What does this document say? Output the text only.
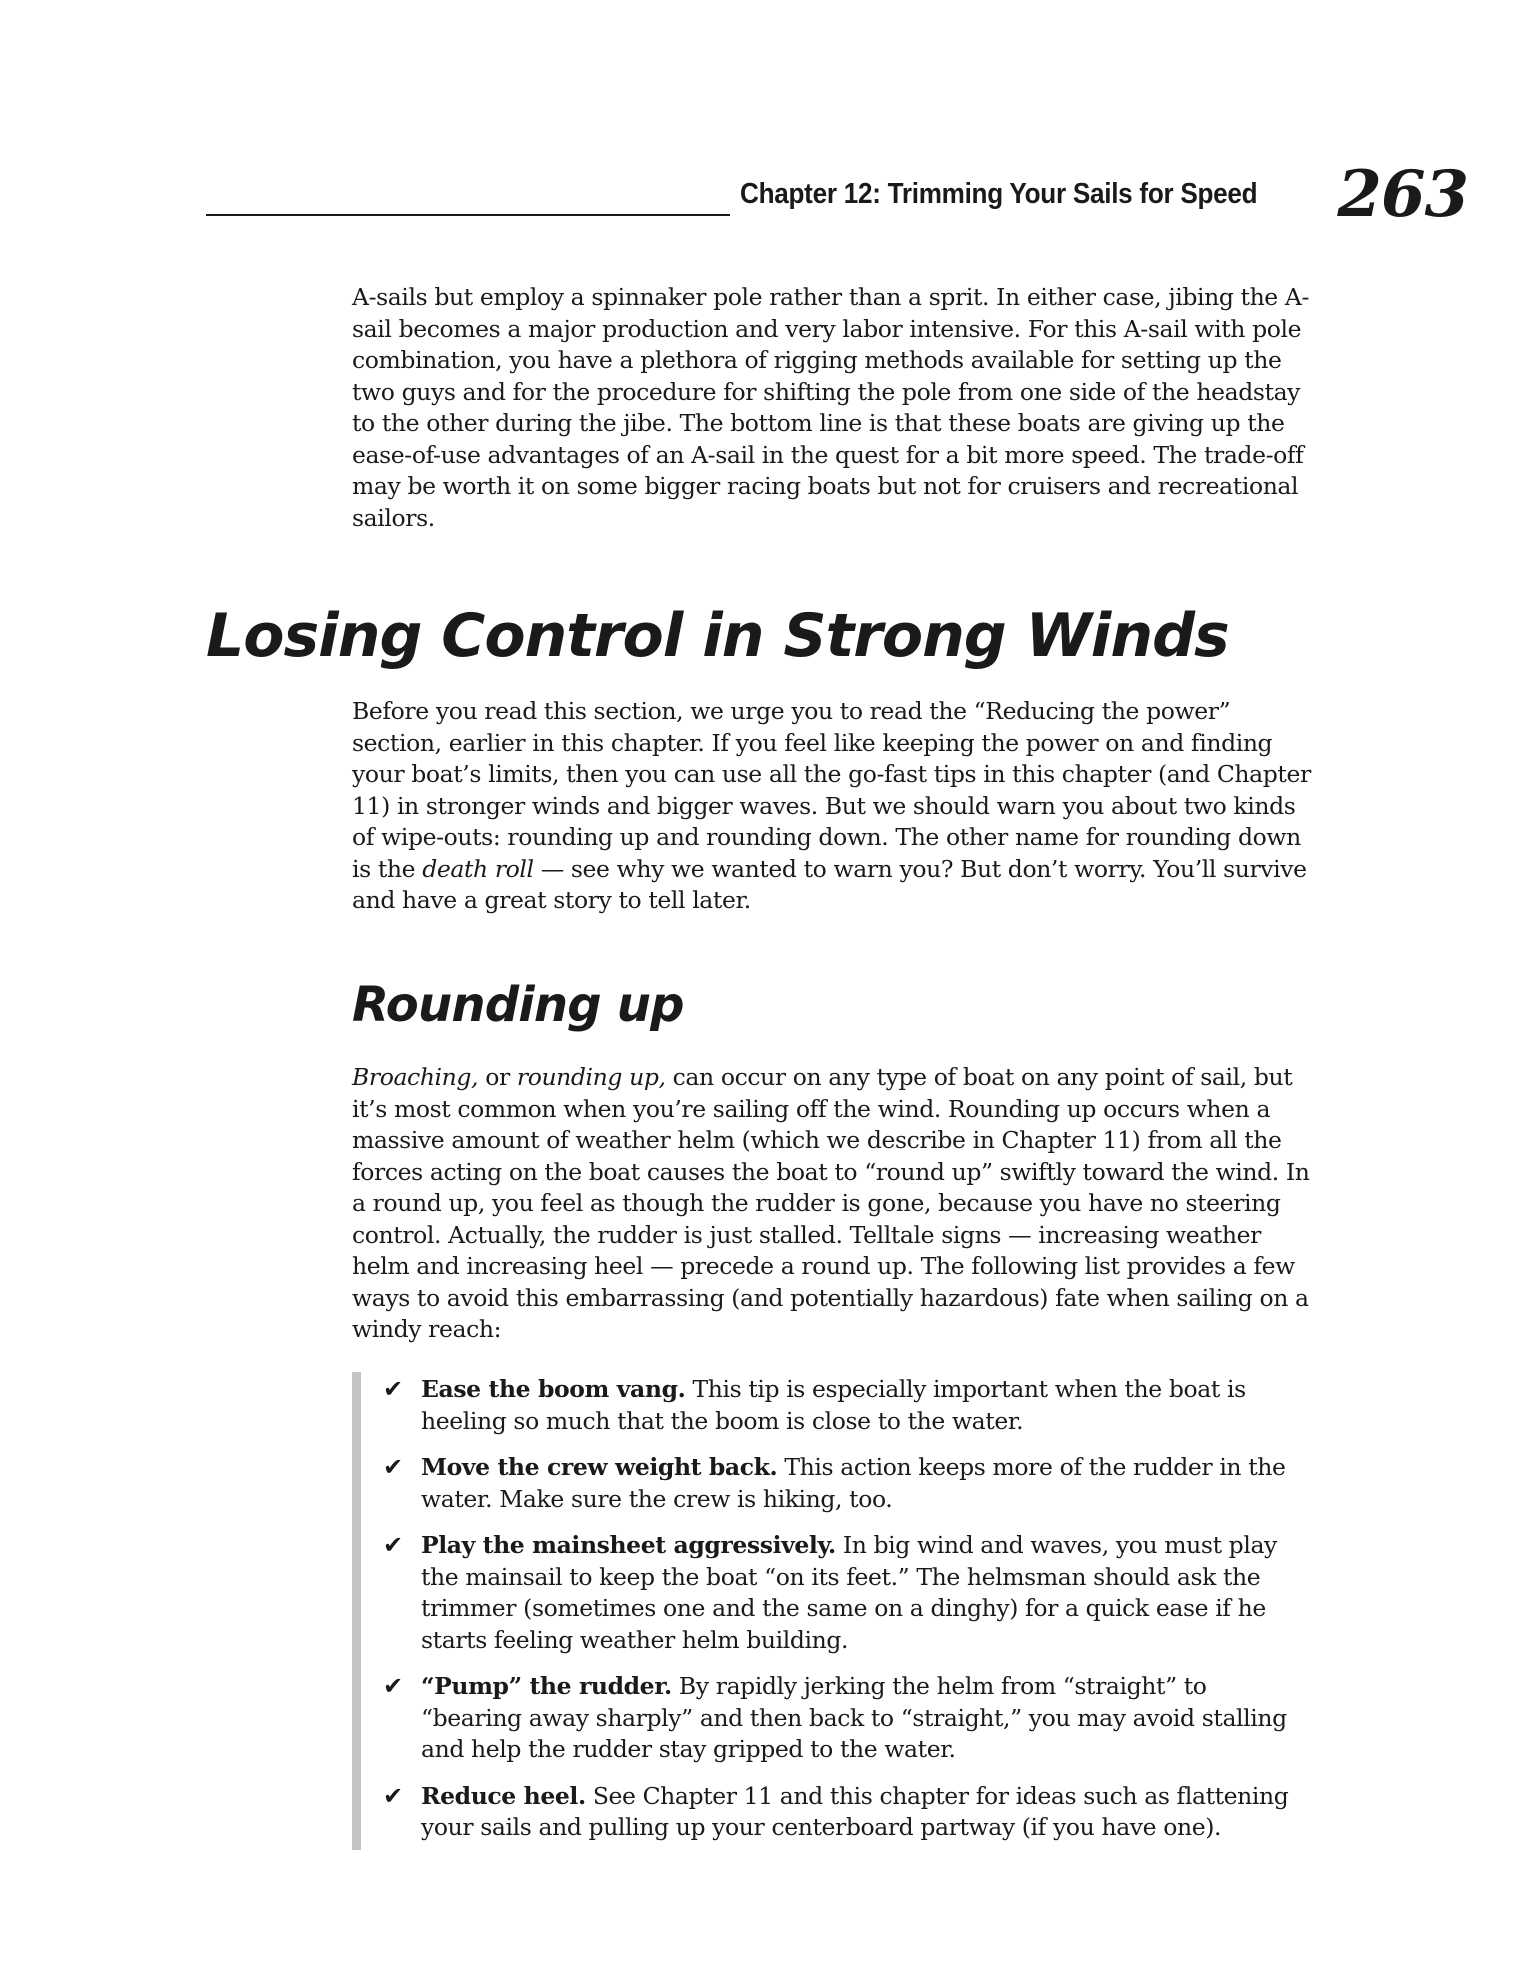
Chapter 12: Trimming Your Sails for Speed 263

A-sails but employ a spinnaker pole rather than a sprit. In either case, jibing the A-sail becomes a major production and very labor intensive. For this A-sail with pole combination, you have a plethora of rigging methods available for setting up the two guys and for the procedure for shifting the pole from one side of the headstay to the other during the jibe. The bottom line is that these boats are giving up the ease-of-use advantages of an A-sail in the quest for a bit more speed. The trade-off may be worth it on some bigger racing boats but not for cruisers and recreational sailors.

Losing Control in Strong Winds

Before you read this section, we urge you to read the “Reducing the power” section, earlier in this chapter. If you feel like keeping the power on and finding your boat’s limits, then you can use all the go-fast tips in this chapter (and Chapter 11) in stronger winds and bigger waves. But we should warn you about two kinds of wipe-outs: rounding up and rounding down. The other name for rounding down is the death roll — see why we wanted to warn you? But don’t worry. You’ll survive and have a great story to tell later.

Rounding up

Broaching, or rounding up, can occur on any type of boat on any point of sail, but it’s most common when you’re sailing off the wind. Rounding up occurs when a massive amount of weather helm (which we describe in Chapter 11) from all the forces acting on the boat causes the boat to “round up” swiftly toward the wind. In a round up, you feel as though the rudder is gone, because you have no steering control. Actually, the rudder is just stalled. Telltale signs — increasing weather helm and increasing heel — precede a round up. The following list provides a few ways to avoid this embarrassing (and potentially hazardous) fate when sailing on a windy reach:

✔ Ease the boom vang. This tip is especially important when the boat is heeling so much that the boom is close to the water.
✔ Move the crew weight back. This action keeps more of the rudder in the water. Make sure the crew is hiking, too.
✔ Play the mainsheet aggressively. In big wind and waves, you must play the mainsail to keep the boat “on its feet.” The helmsman should ask the trimmer (sometimes one and the same on a dinghy) for a quick ease if he starts feeling weather helm building.
✔ “Pump” the rudder. By rapidly jerking the helm from “straight” to “bearing away sharply” and then back to “straight,” you may avoid stalling and help the rudder stay gripped to the water.
✔ Reduce heel. See Chapter 11 and this chapter for ideas such as flattening your sails and pulling up your centerboard partway (if you have one).
